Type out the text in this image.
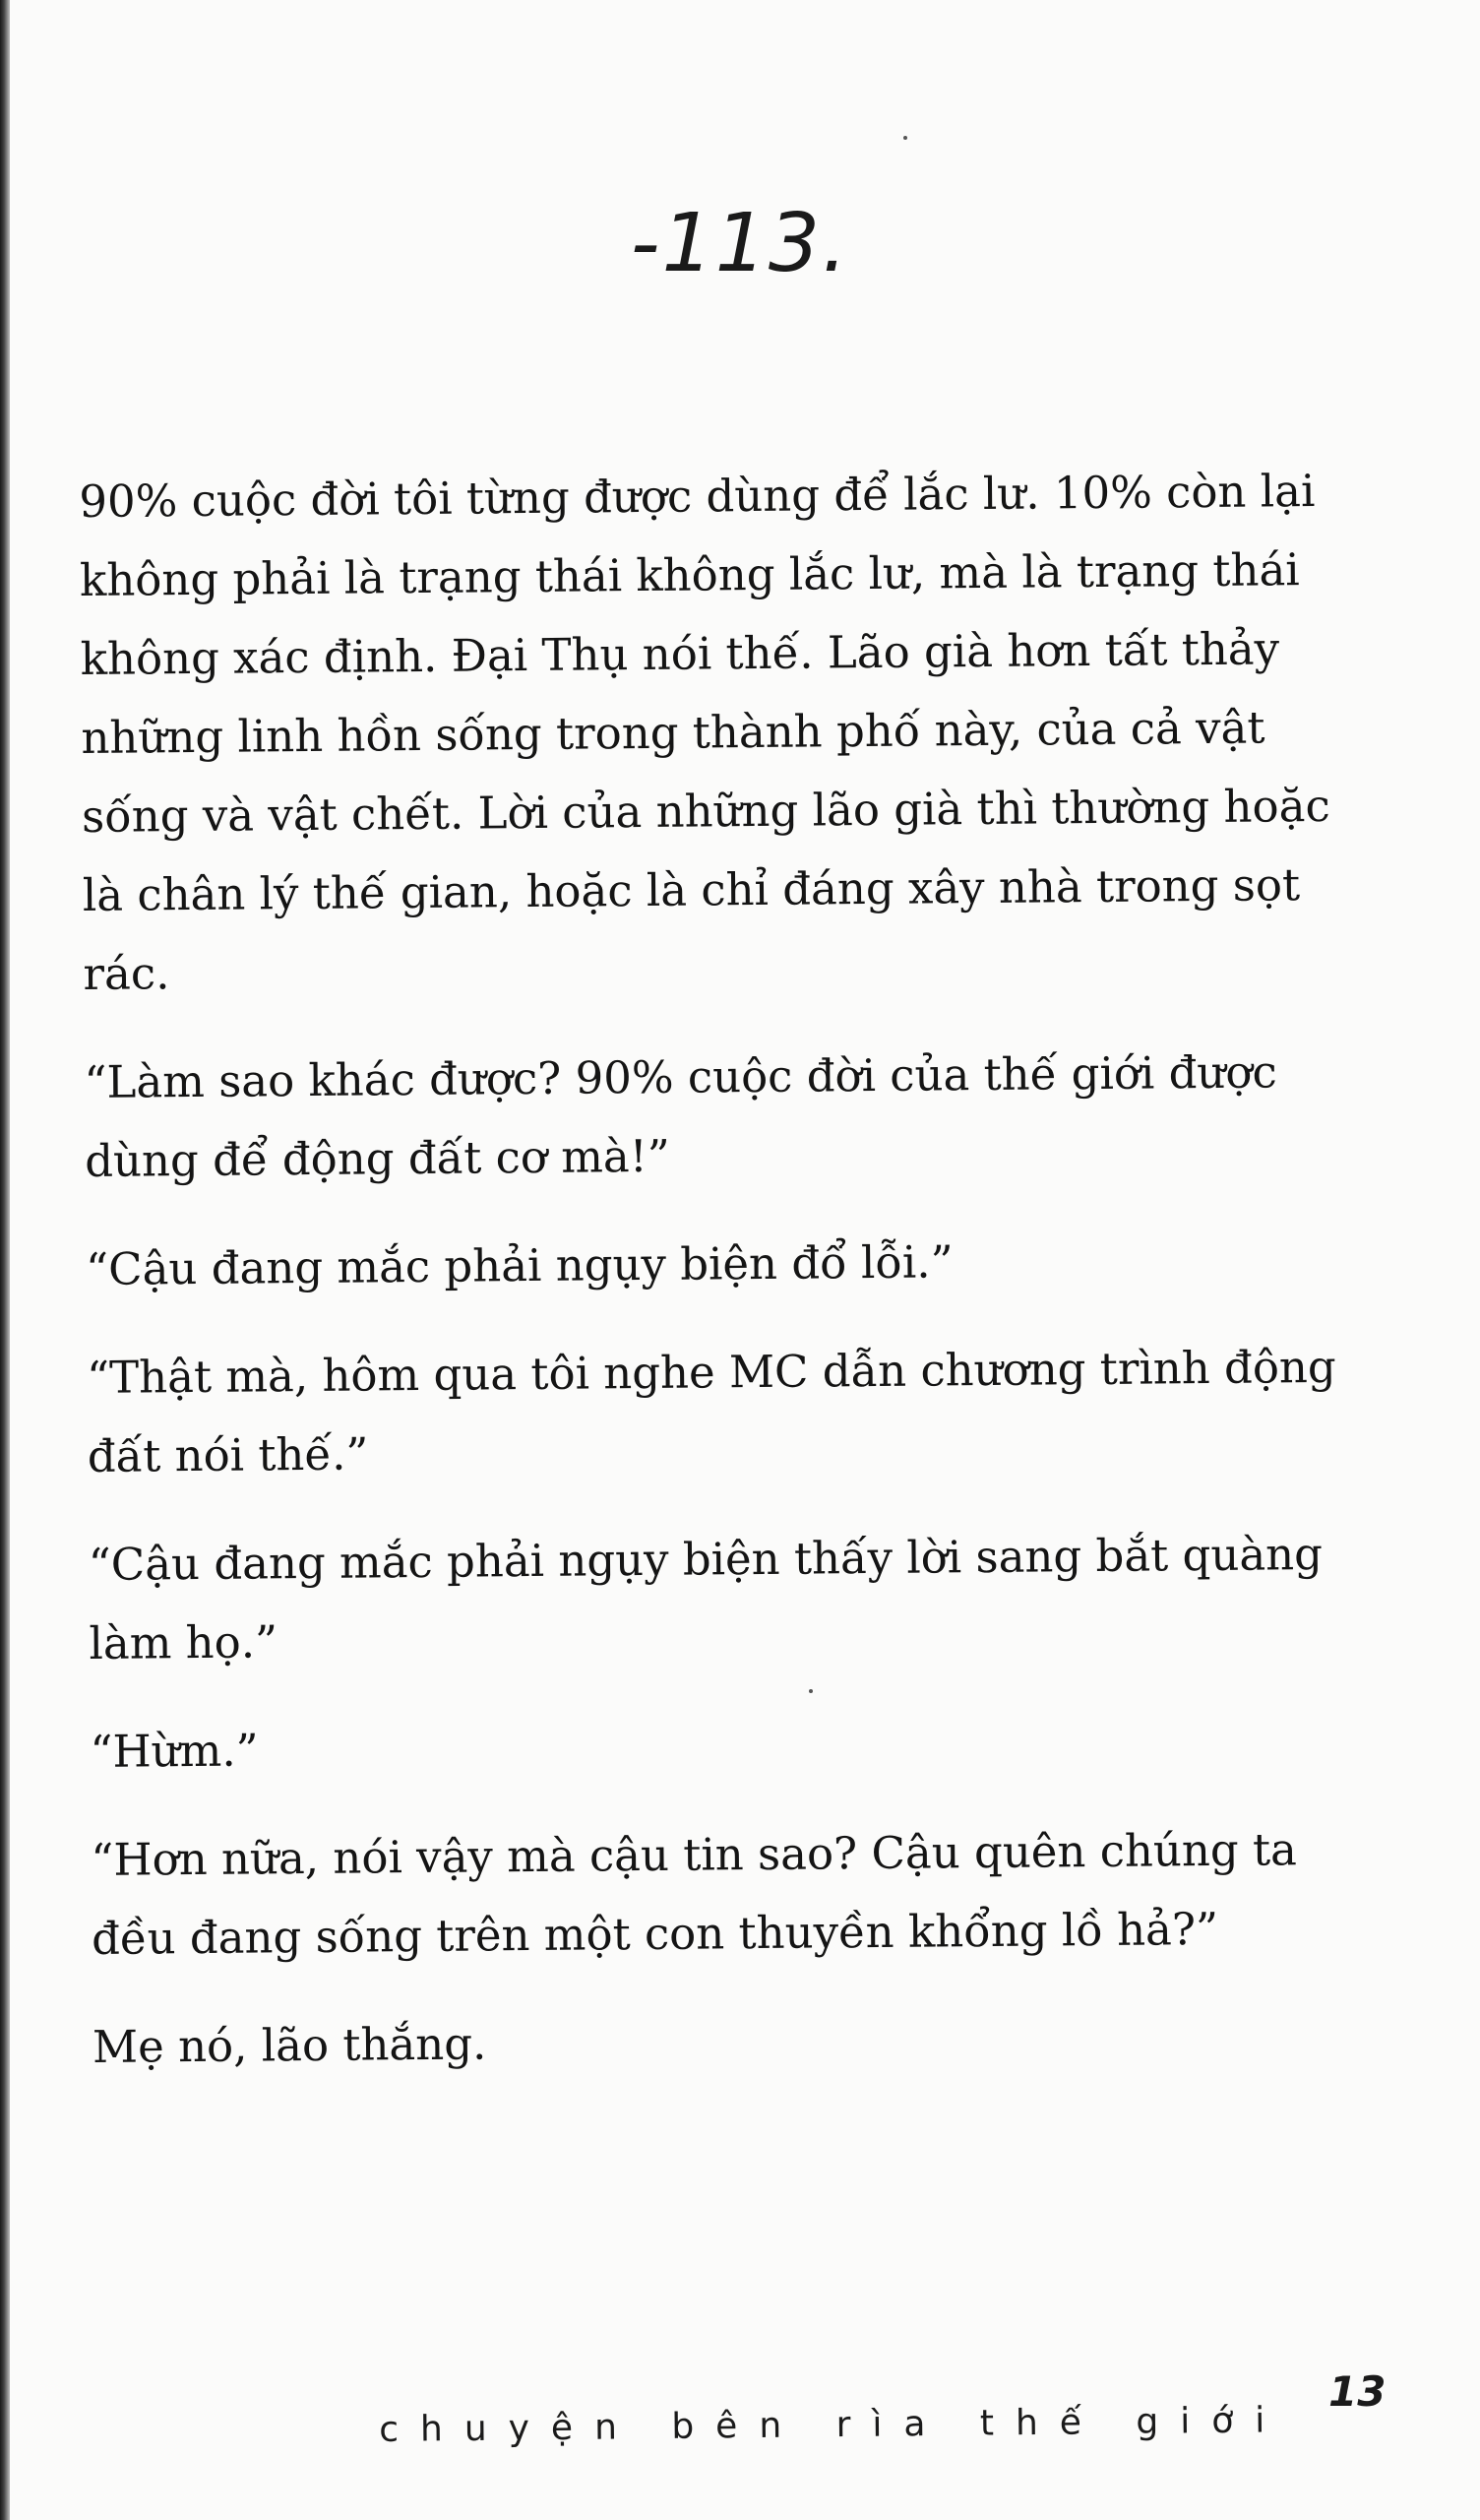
-113.

90% cuộc đời tôi từng được dùng để lắc lư. 10% còn lại không phải là trạng thái không lắc lư, mà là trạng thái không xác định. Đại Thụ nói thế. Lão già hơn tất thảy những linh hồn sống trong thành phố này, của cả vật sống và vật chết. Lời của những lão già thì thường hoặc là chân lý thế gian, hoặc là chỉ đáng xây nhà trong sọt rác.

“Làm sao khác được? 90% cuộc đời của thế giới được dùng để động đất cơ mà!”

“Cậu đang mắc phải ngụy biện đổ lỗi.”

“Thật mà, hôm qua tôi nghe MC dẫn chương trình động đất nói thế.”

“Cậu đang mắc phải ngụy biện thấy lời sang bắt quàng làm họ.”

“Hừm.”

“Hơn nữa, nói vậy mà cậu tin sao? Cậu quên chúng ta đều đang sống trên một con thuyền khổng lồ hả?”

Mẹ nó, lão thắng.

chuyện bên rìa thế giới
13
